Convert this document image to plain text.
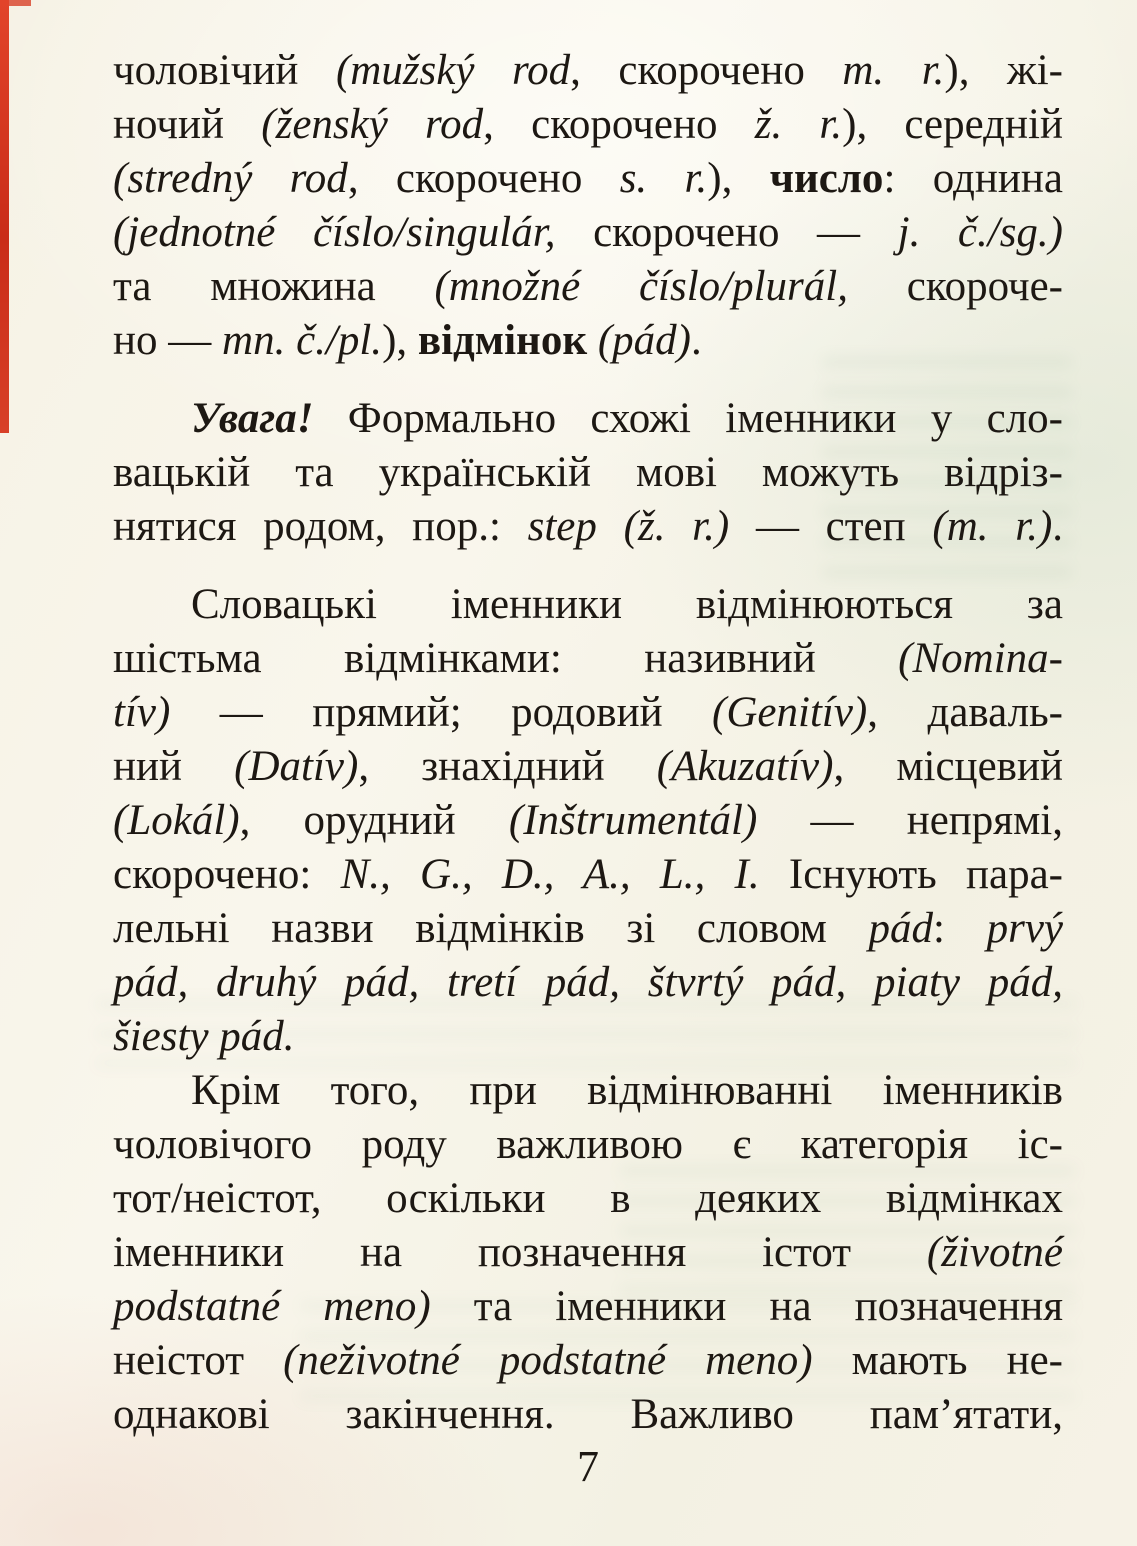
чоловічий (mužský rod, скорочено m. r.), жі-
ночий (ženský rod, скорочено ž. r.), середній
(stredný rod, скорочено s. r.), число: однина
(jednotné číslo/singulár, скорочено — j. č./sg.)
та множина (množné číslo/plurál, скороче-
но — mn. č./pl.), відмінок (pád).
Увага! Формально схожі іменники у сло-
вацькій та українській мові можуть відріз-
нятися родом, пор.: step (ž. r.) — степ (m. r.).
Словацькі іменники відмінюються за
шістьма відмінками: називний (Nomina-
tív) — прямий; родовий (Genitív), даваль-
ний (Datív), знахідний (Akuzatív), місцевий
(Lokál), орудний (Inštrumentál) — непрямі,
скорочено: N., G., D., A., L., I. Існують пара-
лельні назви відмінків зі словом pád: prvý
pád, druhý pád, tretí pád, štvrtý pád, piaty pád,
šiesty pád.
Крім того, при відмінюванні іменників
чоловічого роду важливою є категорія іс-
тот/неістот, оскільки в деяких відмінках
іменники на позначення істот (životné
podstatné meno) та іменники на позначення
неістот (neživotné podstatné meno) мають не-
однакові закінчення. Важливо пам’ятати,
7
